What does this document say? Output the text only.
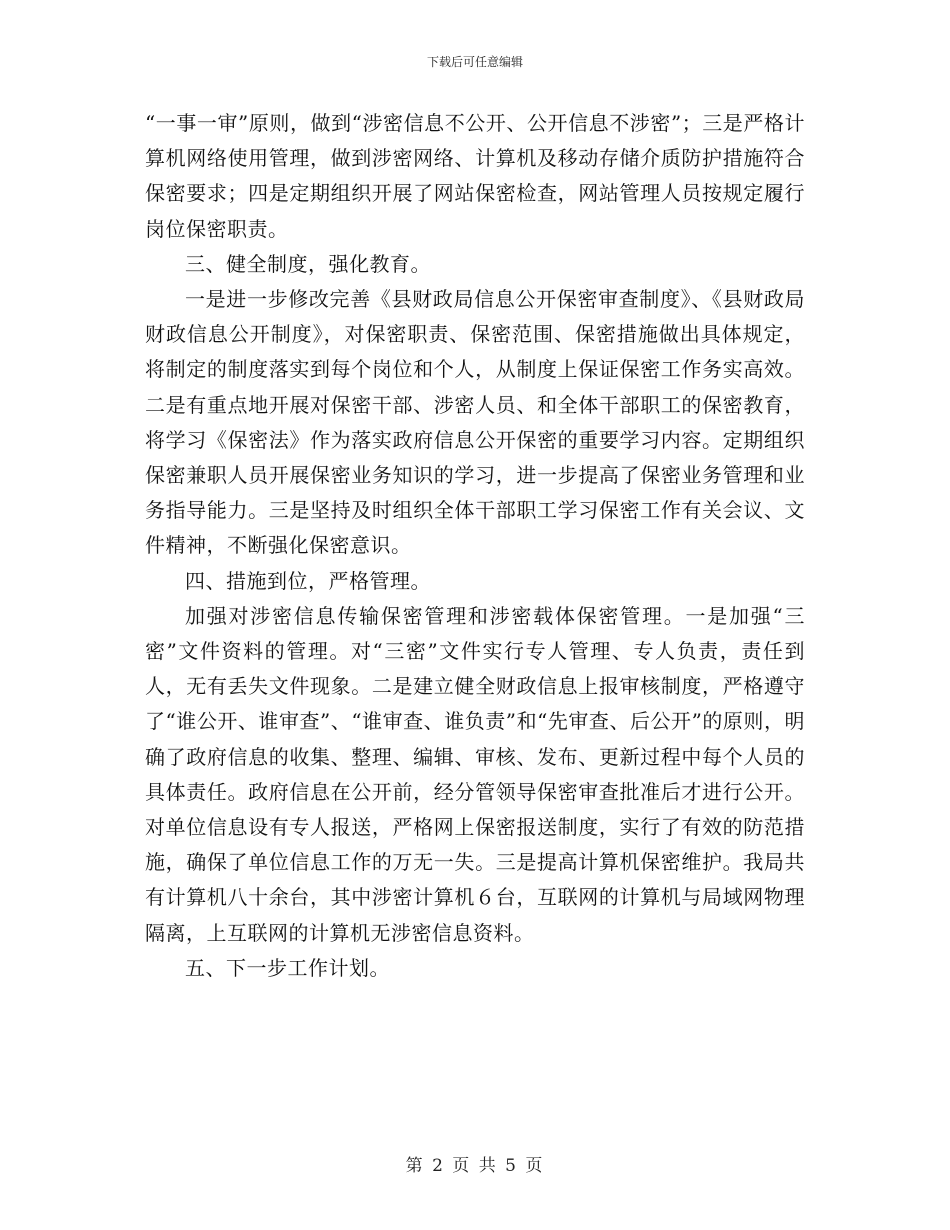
下载后可任意编辑

“一事一审”原则，做到“涉密信息不公开、公开信息不涉密”；三是严格计算机网络使用管理，做到涉密网络、计算机及移动存储介质防护措施符合保密要求；四是定期组织开展了网站保密检查，网站管理人员按规定履行岗位保密职责。

三、健全制度，强化教育。

一是进一步修改完善《县财政局信息公开保密审查制度》、《县财政局财政信息公开制度》，对保密职责、保密范围、保密措施做出具体规定，将制定的制度落实到每个岗位和个人，从制度上保证保密工作务实高效。二是有重点地开展对保密干部、涉密人员、和全体干部职工的保密教育，将学习《保密法》作为落实政府信息公开保密的重要学习内容。定期组织保密兼职人员开展保密业务知识的学习，进一步提高了保密业务管理和业务指导能力。三是坚持及时组织全体干部职工学习保密工作有关会议、文件精神，不断强化保密意识。

四、措施到位，严格管理。

加强对涉密信息传输保密管理和涉密载体保密管理。一是加强“三密”文件资料的管理。对“三密”文件实行专人管理、专人负责，责任到人，无有丢失文件现象。二是建立健全财政信息上报审核制度，严格遵守了“谁公开、谁审查”、“谁审查、谁负责”和“先审查、后公开”的原则，明确了政府信息的收集、整理、编辑、审核、发布、更新过程中每个人员的具体责任。政府信息在公开前，经分管领导保密审查批准后才进行公开。对单位信息设有专人报送，严格网上保密报送制度，实行了有效的防范措施，确保了单位信息工作的万无一失。三是提高计算机保密维护。我局共有计算机八十余台，其中涉密计算机６台，互联网的计算机与局域网物理隔离，上互联网的计算机无涉密信息资料。

五、下一步工作计划。

第 2 页 共 5 页
